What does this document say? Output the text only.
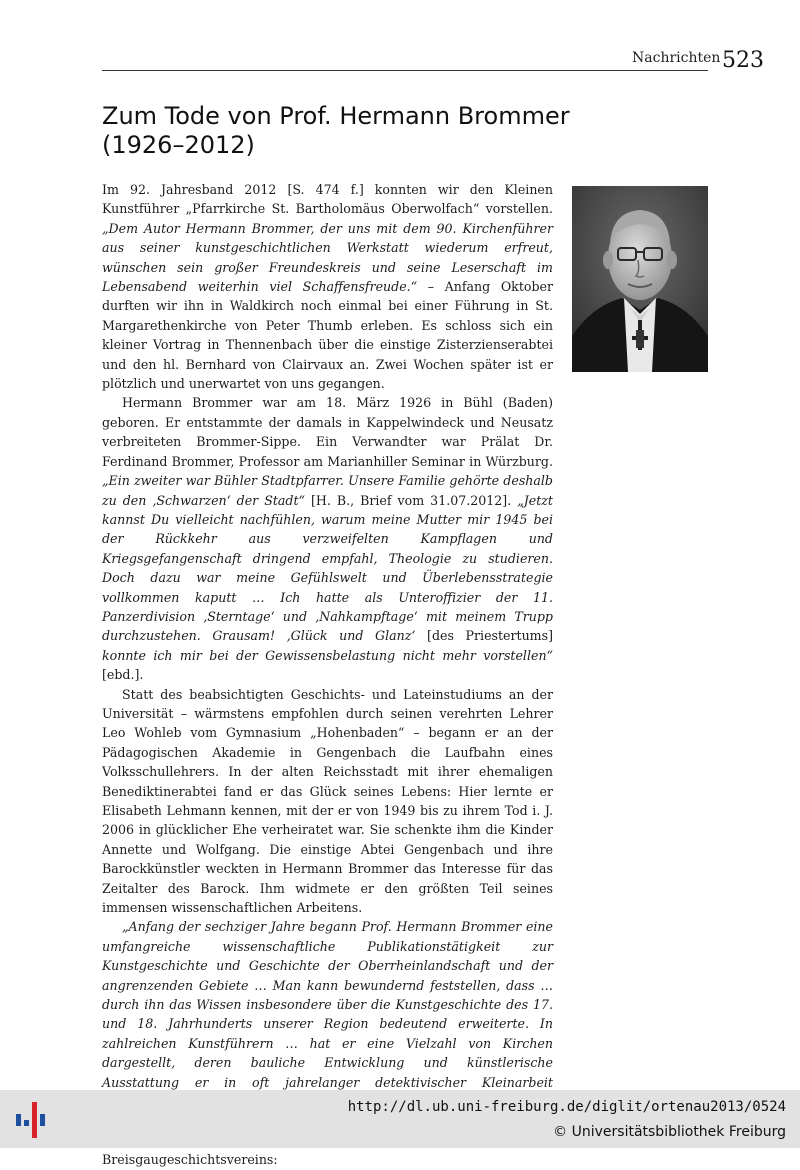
Nachrichten 523
Zum Tode von Prof. Hermann Brommer
(1926–2012)

Im 92. Jahresband 2012 [S. 474 f.] konnten wir den Kleinen Kunstführer „Pfarrkirche St. Bartholomäus Oberwolfach“ vorstellen. „Dem Autor Hermann Brommer, der uns mit dem 90. Kirchenführer aus seiner kunstgeschichtlichen Werkstatt wiederum erfreut, wünschen sein großer Freundeskreis und seine Leserschaft im Lebensabend weiterhin viel Schaffensfreude.“ – Anfang Oktober durften wir ihn in Waldkirch noch einmal bei einer Führung in St. Margarethenkirche von Peter Thumb erleben. Es schloss sich ein kleiner Vortrag in Thennenbach über die einstige Zisterzienserabtei und den hl. Bernhard von Clairvaux an. Zwei Wochen später ist er plötzlich und unerwartet von uns gegangen.

Hermann Brommer war am 18. März 1926 in Bühl (Baden) geboren. Er entstammte der damals in Kappelwindeck und Neusatz verbreiteten Brommer-Sippe. Ein Verwandter war Prälat Dr. Ferdinand Brommer, Professor am Marianhiller Seminar in Würzburg. „Ein zweiter war Bühler Stadtpfarrer. Unsere Familie gehörte deshalb zu den ‚Schwarzen‘ der Stadt“ [H. B., Brief vom 31.07.2012]. „Jetzt kannst Du vielleicht nachfühlen, warum meine Mutter mir 1945 bei der Rückkehr aus verzweifelten Kampflagen und Kriegsgefangenschaft dringend empfahl, Theologie zu studieren. Doch dazu war meine Gefühlswelt und Überlebensstrategie vollkommen kaputt … Ich hatte als Unteroffizier der 11. Panzerdivision ‚Sterntage‘ und ‚Nahkampftage‘ mit meinem Trupp durchzustehen. Grausam! ‚Glück und Glanz‘ [des Priestertums] konnte ich mir bei der Gewissensbelastung nicht mehr vorstellen“ [ebd.].

Statt des beabsichtigten Geschichts- und Lateinstudiums an der Universität – wärmstens empfohlen durch seinen verehrten Lehrer Leo Wohleb vom Gymnasium „Hohenbaden“ – begann er an der Pädagogischen Akademie in Gengenbach die Laufbahn eines Volksschullehrers. In der alten Reichsstadt mit ihrer ehemaligen Benediktinerabtei fand er das Glück seines Lebens: Hier lernte er Elisabeth Lehmann kennen, mit der er von 1949 bis zu ihrem Tod i. J. 2006 in glücklicher Ehe verheiratet war. Sie schenkte ihm die Kinder Annette und Wolfgang. Die einstige Abtei Gengenbach und ihre Barockkünstler weckten in Hermann Brommer das Interesse für das Zeitalter des Barock. Ihm widmete er den größten Teil seines immensen wissenschaftlichen Arbeitens.

„Anfang der sechziger Jahre begann Prof. Hermann Brommer eine umfangreiche wissenschaftliche Publikationstätigkeit zur Kunstgeschichte und Geschichte der Oberrheinlandschaft und der angrenzenden Gebiete … Man kann bewundernd feststellen, dass … durch ihn das Wissen insbesondere über die Kunstgeschichte des 17. und 18. Jahrhunderts unserer Region bedeutend erweiterte. In zahlreichen Kunstführern … hat er eine Vielzahl von Kirchen dargestellt, deren bauliche Entwicklung und künstlerische Ausstattung er in oft jahrelanger detektivischer Kleinarbeit

Breisgaugeschichtsvereins:

http://dl.ub.uni-freiburg.de/diglit/ortenau2013/0524
© Universitätsbibliothek Freiburg
